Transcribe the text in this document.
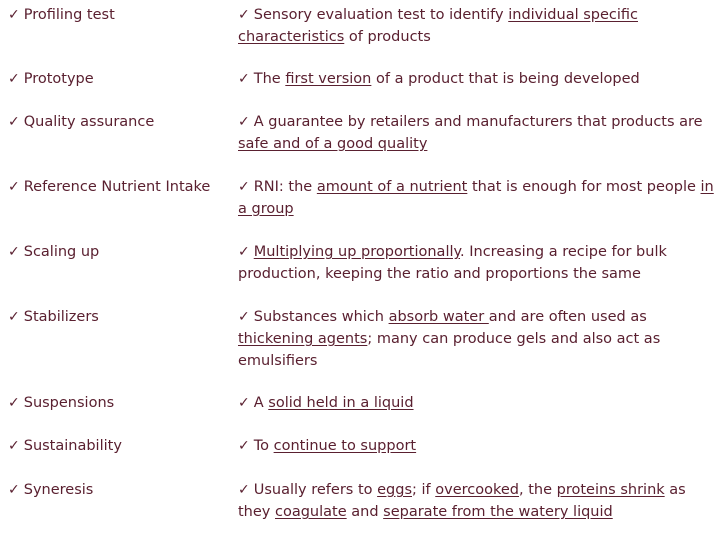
✓ Profiling test	✓ Sensory evaluation test to identify individual specific characteristics of products
✓ Prototype	✓ The first version of a product that is being developed
✓ Quality assurance	✓ A guarantee by retailers and manufacturers that products are safe and of a good quality
✓ Reference Nutrient Intake	✓ RNI: the amount of a nutrient that is enough for most people in a group
✓ Scaling up	✓ Multiplying up proportionally. Increasing a recipe for bulk production, keeping the ratio and proportions the same
✓ Stabilizers	✓ Substances which absorb water and are often used as thickening agents; many can produce gels and also act as emulsifiers
✓ Suspensions	✓ A solid held in a liquid
✓ Sustainability	✓ To continue to support
✓ Syneresis	✓ Usually refers to eggs; if overcooked, the proteins shrink as they coagulate and separate from the watery liquid
